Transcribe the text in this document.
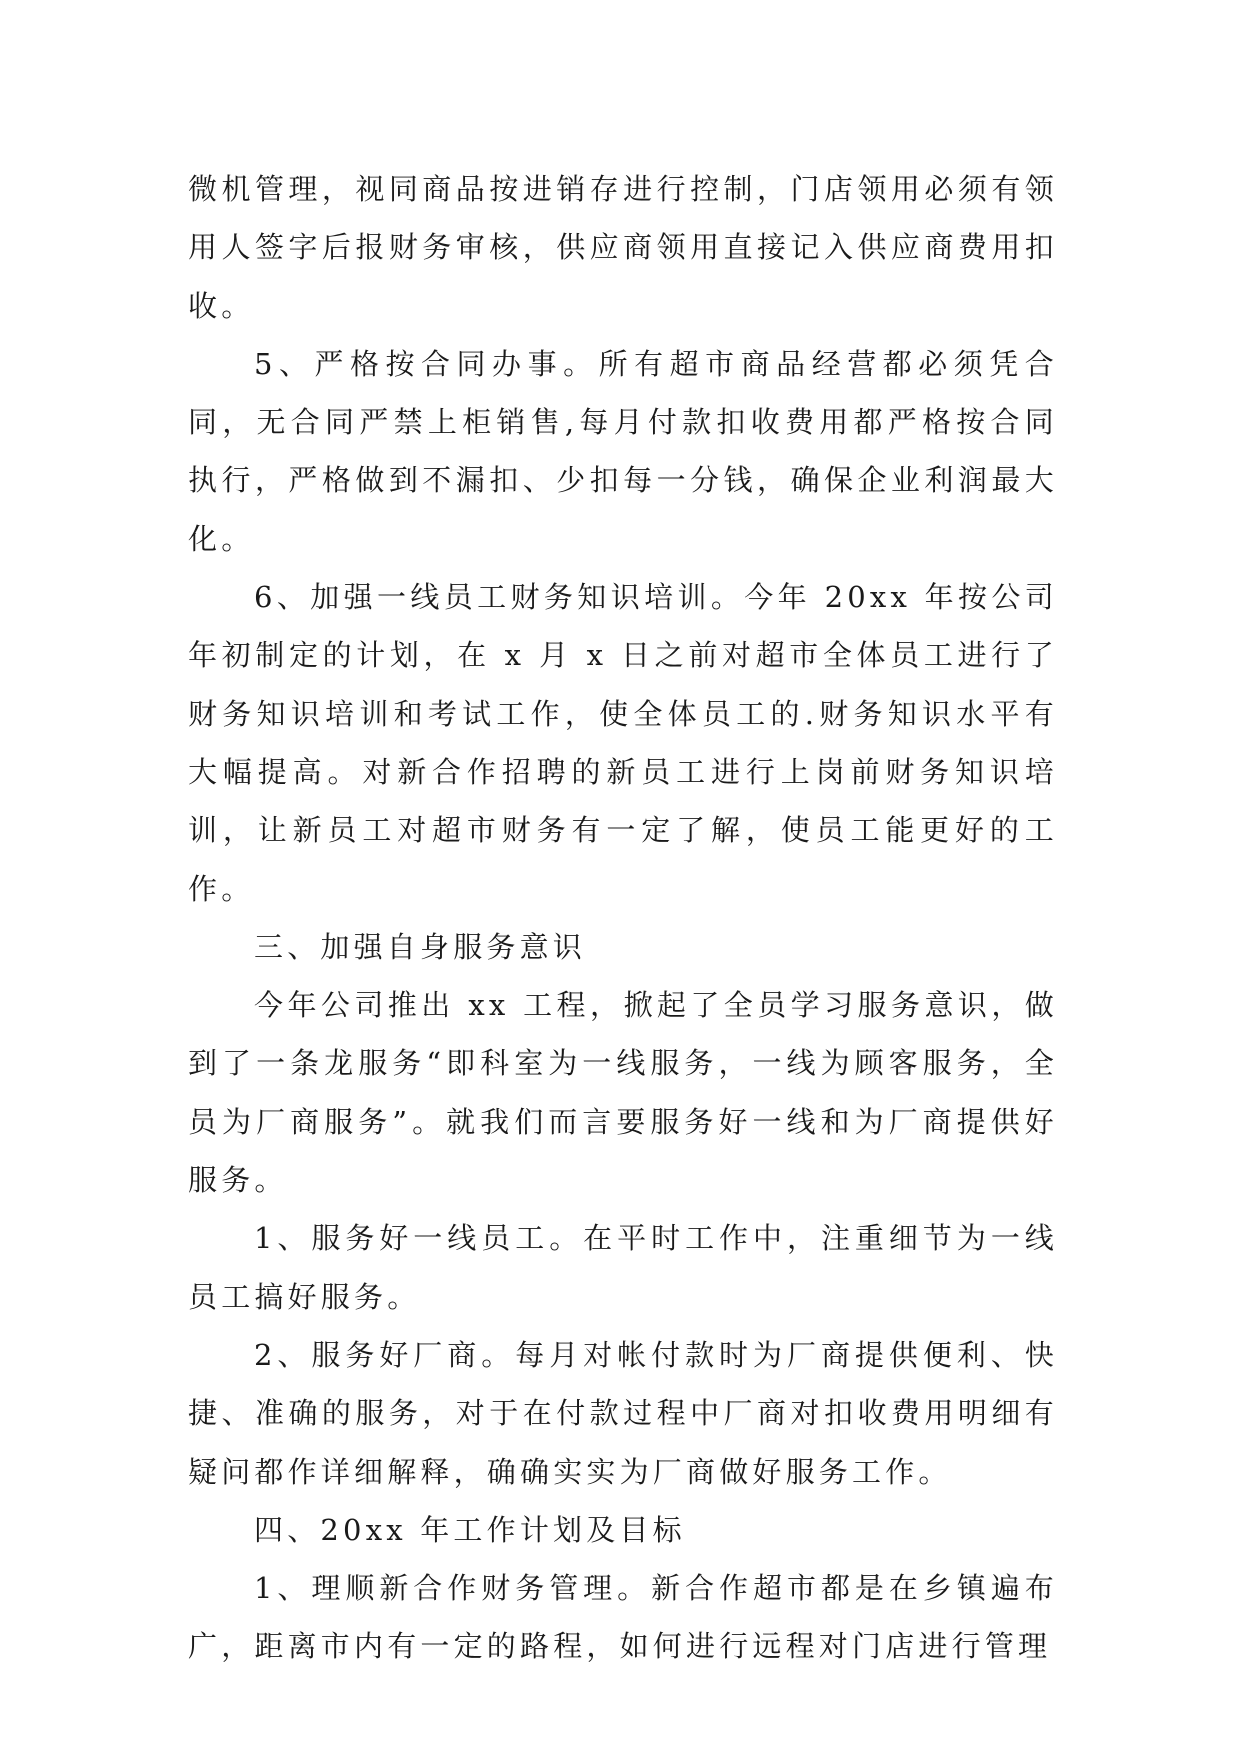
微机管理，视同商品按进销存进行控制，门店领用必须有领用人签字后报财务审核，供应商领用直接记入供应商费用扣收。

5、严格按合同办事。所有超市商品经营都必须凭合同，无合同严禁上柜销售,每月付款扣收费用都严格按合同执行，严格做到不漏扣、少扣每一分钱，确保企业利润最大化。

6、加强一线员工财务知识培训。今年 20xx 年按公司年初制定的计划，在 x 月 x 日之前对超市全体员工进行了财务知识培训和考试工作，使全体员工的.财务知识水平有大幅提高。对新合作招聘的新员工进行上岗前财务知识培训，让新员工对超市财务有一定了解，使员工能更好的工作。

三、加强自身服务意识

今年公司推出 xx 工程，掀起了全员学习服务意识，做到了一条龙服务“即科室为一线服务，一线为顾客服务，全员为厂商服务”。就我们而言要服务好一线和为厂商提供好服务。

1、服务好一线员工。在平时工作中，注重细节为一线员工搞好服务。

2、服务好厂商。每月对帐付款时为厂商提供便利、快捷、准确的服务，对于在付款过程中厂商对扣收费用明细有疑问都作详细解释，确确实实为厂商做好服务工作。

四、20xx 年工作计划及目标

1、理顺新合作财务管理。新合作超市都是在乡镇遍布广，距离市内有一定的路程，如何进行远程对门店进行管理
